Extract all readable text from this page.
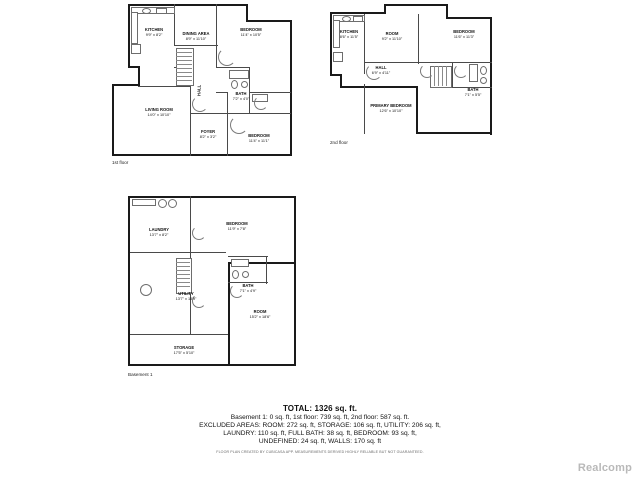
KITCHEN
9'9" x 8'2"	DINING AREA
8'9" x 11'10"
BEDROOM
11'4" x 10'5"
LIVING ROOM
14'0" x 10'10"
BATH
7'2" x 4'0"
FOYER
8'2" x 3'2"	BEDROOM
11'4" x 11'1"
HALL
1st floor
KITCHEN
8'6" x 11'5"
ROOM
9'2" x 11'10"
BEDROOM
11'6" x 11'3"
HALL
6'9" x 4'11"
BATH
7'1" x 5'5"
PRIMARY BEDROOM
12'6" x 10'10"
2nd floor
LAUNDRY
13'7" x 8'2"
BEDROOM
11'9" x 7'8"
UTILITY
13'7" x 15'9"
BATH
7'1" x 4'9"
ROOM
15'2" x 18'6"
STORAGE
17'5" x 5'10"
Basement 1
TOTAL: 1326 sq. ft.
Basement 1: 0 sq. ft, 1st floor: 739 sq. ft, 2nd floor: 587 sq. ft.
EXCLUDED AREAS: ROOM: 272 sq. ft, STORAGE: 106 sq. ft, UTILITY: 206 sq. ft,
LAUNDRY: 110 sq. ft, FULL BATH: 38 sq. ft, BEDROOM: 93 sq. ft,
UNDEFINED: 24 sq. ft, WALLS: 170 sq. ft
FLOOR PLAN CREATED BY CUBICASA APP. MEASUREMENTS DERIVED HIGHLY RELIABLE BUT NOT GUARANTEED.
Realcomp
